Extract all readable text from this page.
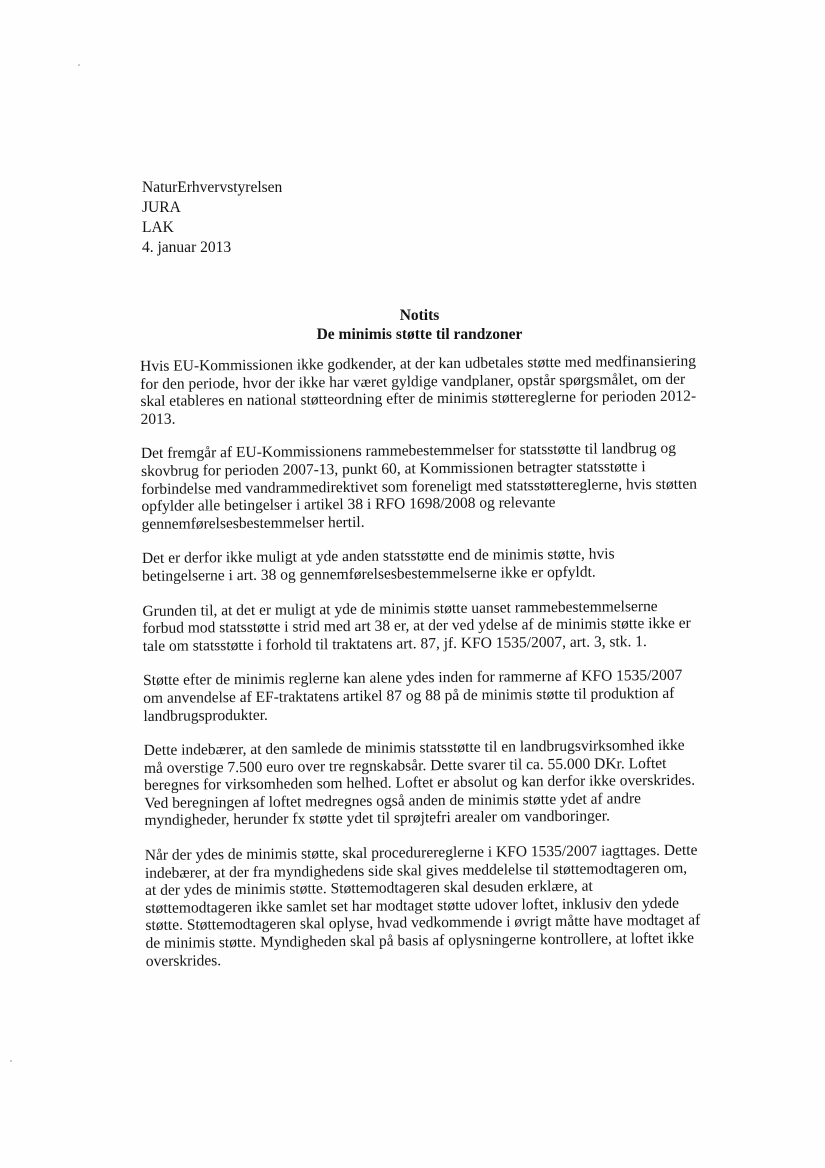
NaturErhvervstyrelsen
JURA
LAK
4. januar 2013
Notits
De minimis støtte til randzoner

Hvis EU-Kommissionen ikke godkender, at der kan udbetales støtte med medfinansiering for den periode, hvor der ikke har været gyldige vandplaner, opstår spørgsmålet, om der skal etableres en national støtteordning efter de minimis støttereglerne for perioden 2012-2013.

Det fremgår af EU-Kommissionens rammebestemmelser for statsstøtte til landbrug og skovbrug for perioden 2007-13, punkt 60, at Kommissionen betragter statsstøtte i forbindelse med vandrammedirektivet som foreneligt med statsstøttereglerne, hvis støtten opfylder alle betingelser i artikel 38 i RFO 1698/2008 og relevante gennemførelsesbestemmelser hertil.

Det er derfor ikke muligt at yde anden statsstøtte end de minimis støtte, hvis betingelserne i art. 38 og gennemførelsesbestemmelserne ikke er opfyldt.

Grunden til, at det er muligt at yde de minimis støtte uanset rammebestemmelserne forbud mod statsstøtte i strid med art 38 er, at der ved ydelse af de minimis støtte ikke er tale om statsstøtte i forhold til traktatens art. 87, jf. KFO 1535/2007, art. 3, stk. 1.

Støtte efter de minimis reglerne kan alene ydes inden for rammerne af KFO 1535/2007 om anvendelse af EF-traktatens artikel 87 og 88 på de minimis støtte til produktion af landbrugsprodukter.

Dette indebærer, at den samlede de minimis statsstøtte til en landbrugsvirksomhed ikke må overstige 7.500 euro over tre regnskabsår. Dette svarer til ca. 55.000 DKr. Loftet beregnes for virksomheden som helhed. Loftet er absolut og kan derfor ikke overskrides. Ved beregningen af loftet medregnes også anden de minimis støtte ydet af andre myndigheder, herunder fx støtte ydet til sprøjtefri arealer om vandboringer.

Når der ydes de minimis støtte, skal procedurereglerne i KFO 1535/2007 iagttages. Dette indebærer, at der fra myndighedens side skal gives meddelelse til støttemodtageren om, at der ydes de minimis støtte. Støttemodtageren skal desuden erklære, at støttemodtageren ikke samlet set har modtaget støtte udover loftet, inklusiv den ydede støtte. Støttemodtageren skal oplyse, hvad vedkommende i øvrigt måtte have modtaget af de minimis støtte. Myndigheden skal på basis af oplysningerne kontrollere, at loftet ikke overskrides.
